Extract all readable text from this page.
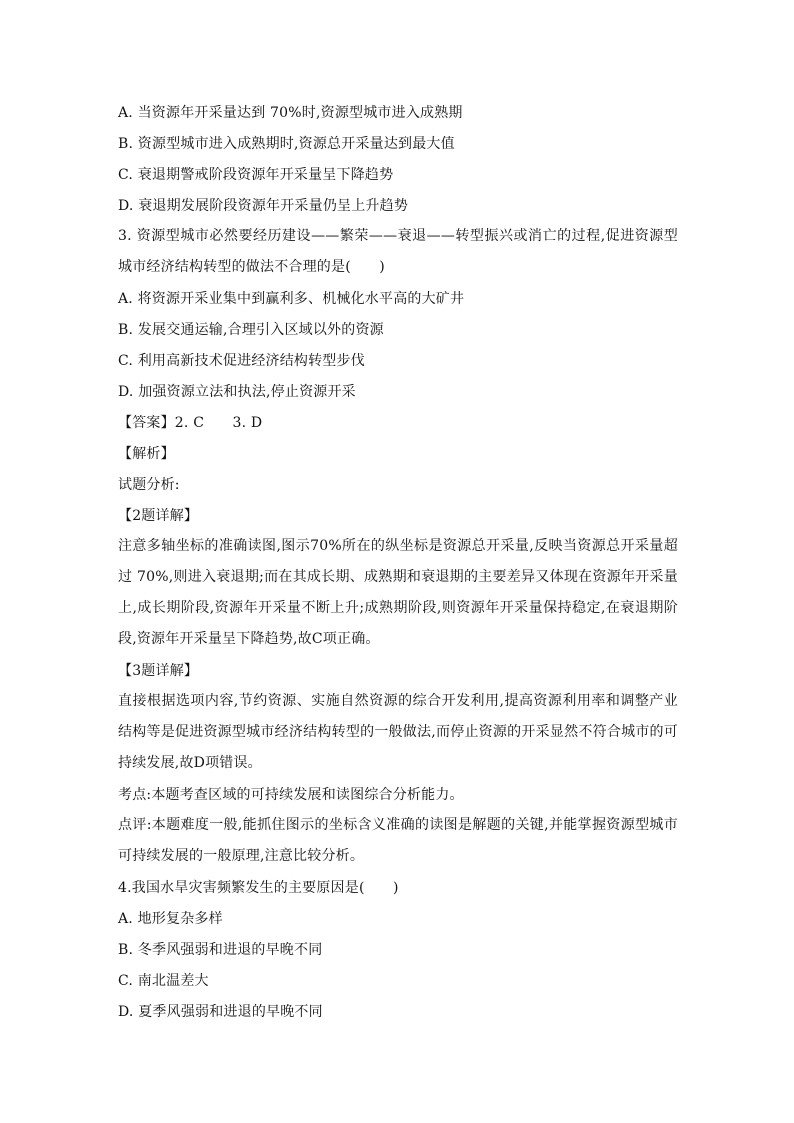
A. 当资源年开采量达到 70%时,资源型城市进入成熟期
B. 资源型城市进入成熟期时,资源总开采量达到最大值
C. 衰退期警戒阶段资源年开采量呈下降趋势
D. 衰退期发展阶段资源年开采量仍呈上升趋势
3. 资源型城市必然要经历建设——繁荣——衰退——转型振兴或消亡的过程,促进资源型城市经济结构转型的做法不合理的是(　　)
A. 将资源开采业集中到赢利多、机械化水平高的大矿井
B. 发展交通运输,合理引入区域以外的资源
C. 利用高新技术促进经济结构转型步伐
D. 加强资源立法和执法,停止资源开采
【答案】2. C　　3. D
【解析】
试题分析:
【2题详解】
注意多轴坐标的准确读图,图示70%所在的纵坐标是资源总开采量,反映当资源总开采量超过 70%,则进入衰退期;而在其成长期、成熟期和衰退期的主要差异又体现在资源年开采量上,成长期阶段,资源年开采量不断上升;成熟期阶段,则资源年开采量保持稳定,在衰退期阶段,资源年开采量呈下降趋势,故C项正确。
【3题详解】
直接根据选项内容,节约资源、实施自然资源的综合开发利用,提高资源利用率和调整产业结构等是促进资源型城市经济结构转型的一般做法,而停止资源的开采显然不符合城市的可持续发展,故D项错误。
考点:本题考查区域的可持续发展和读图综合分析能力。
点评:本题难度一般,能抓住图示的坐标含义准确的读图是解题的关键,并能掌握资源型城市可持续发展的一般原理,注意比较分析。
4.我国水旱灾害频繁发生的主要原因是(　　)
A. 地形复杂多样
B. 冬季风强弱和进退的早晚不同
C. 南北温差大
D. 夏季风强弱和进退的早晚不同
